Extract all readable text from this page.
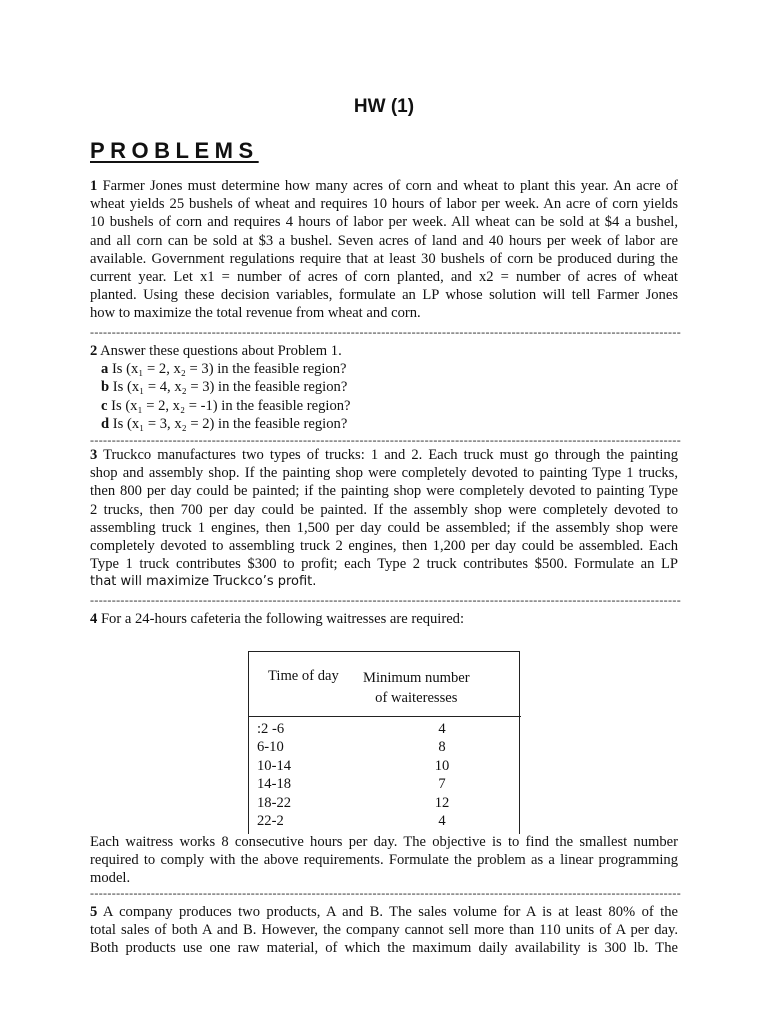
HW (1)
PROBLEMS
1 Farmer Jones must determine how many acres of corn and wheat to plant this year. An acre of
wheat yields 25 bushels of wheat and requires 10 hours of labor per week. An acre of corn yields
10 bushels of corn and requires 4 hours of labor per week. All wheat can be sold at $4 a bushel,
and all corn can be sold at $3 a bushel. Seven acres of land and 40 hours per week of labor are
available. Government regulations require that at least 30 bushels of corn be produced during the
current year. Let x1 = number of acres of corn planted, and x2 = number of acres of wheat
planted. Using these decision variables, formulate an LP whose solution will tell Farmer Jones
how to maximize the total revenue from wheat and corn.
----------------------------------------------------------------------------------------------------------------------------------------
2 Answer these questions about Problem 1.
a Is (x₁ = 2, x₂ = 3) in the feasible region?
b Is (x₁ = 4, x₂ = 3) in the feasible region?
c Is (x₁ = 2, x₂ = -1) in the feasible region?
d Is (x₁ = 3, x₂ = 2) in the feasible region?
----------------------------------------------------------------------------------------------------------------------------------------
3 Truckco manufactures two types of trucks: 1 and 2. Each truck must go through the painting
shop and assembly shop. If the painting shop were completely devoted to painting Type 1 trucks,
then 800 per day could be painted; if the painting shop were completely devoted to painting Type
2 trucks, then 700 per day could be painted. If the assembly shop were completely devoted to
assembling truck 1 engines, then 1,500 per day could be assembled; if the assembly shop were
completely devoted to assembling truck 2 engines, then 1,200 per day could be assembled. Each
Type 1 truck contributes $300 to profit; each Type 2 truck contributes $500. Formulate an LP
that will maximize Truckco’s profit.
----------------------------------------------------------------------------------------------------------------------------------------
4 For a 24-hours cafeteria the following waitresses are required:
Time of day Minimum number
of waiteresses
:2 -6	4
6-10	8
10-14	10
14-18	7
18-22	12
22-2	4
Each waitress works 8 consecutive hours per day. The objective is to find the smallest number
required to comply with the above requirements. Formulate the problem as a linear programming
model.
----------------------------------------------------------------------------------------------------------------------------------------
5 A company produces two products, A and B. The sales volume for A is at least 80% of the
total sales of both A and B. However, the company cannot sell more than 110 units of A per day.
Both products use one raw material, of which the maximum daily availability is 300 lb. The
